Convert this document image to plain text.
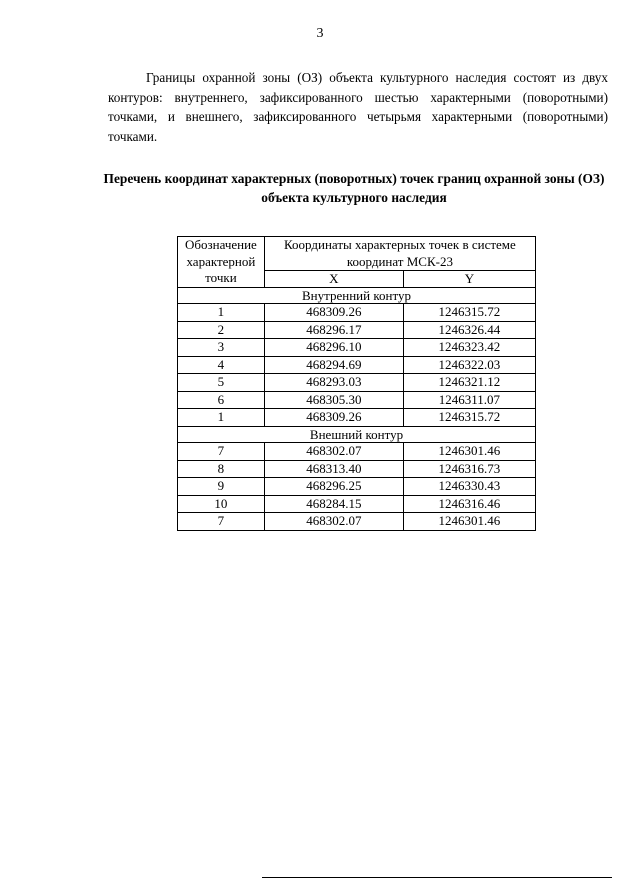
3

Границы охранной зоны (ОЗ) объекта культурного наследия состоят из двух контуров: внутреннего, зафиксированного шестью характерными (поворотными) точками, и внешнего, зафиксированного четырьмя характерными (поворотными) точками.

Перечень координат характерных (поворотных) точек границ охранной зоны (ОЗ) объекта культурного наследия

Обозначение характерной точки	Координаты характерных точек в системе координат МСК-23	
	X	Y
Внутренний контур		
1	468309.26	1246315.72
2	468296.17	1246326.44
3	468296.10	1246323.42
4	468294.69	1246322.03
5	468293.03	1246321.12
6	468305.30	1246311.07
1	468309.26	1246315.72
Внешний контур		
7	468302.07	1246301.46
8	468313.40	1246316.73
9	468296.25	1246330.43
10	468284.15	1246316.46
7	468302.07	1246301.46
